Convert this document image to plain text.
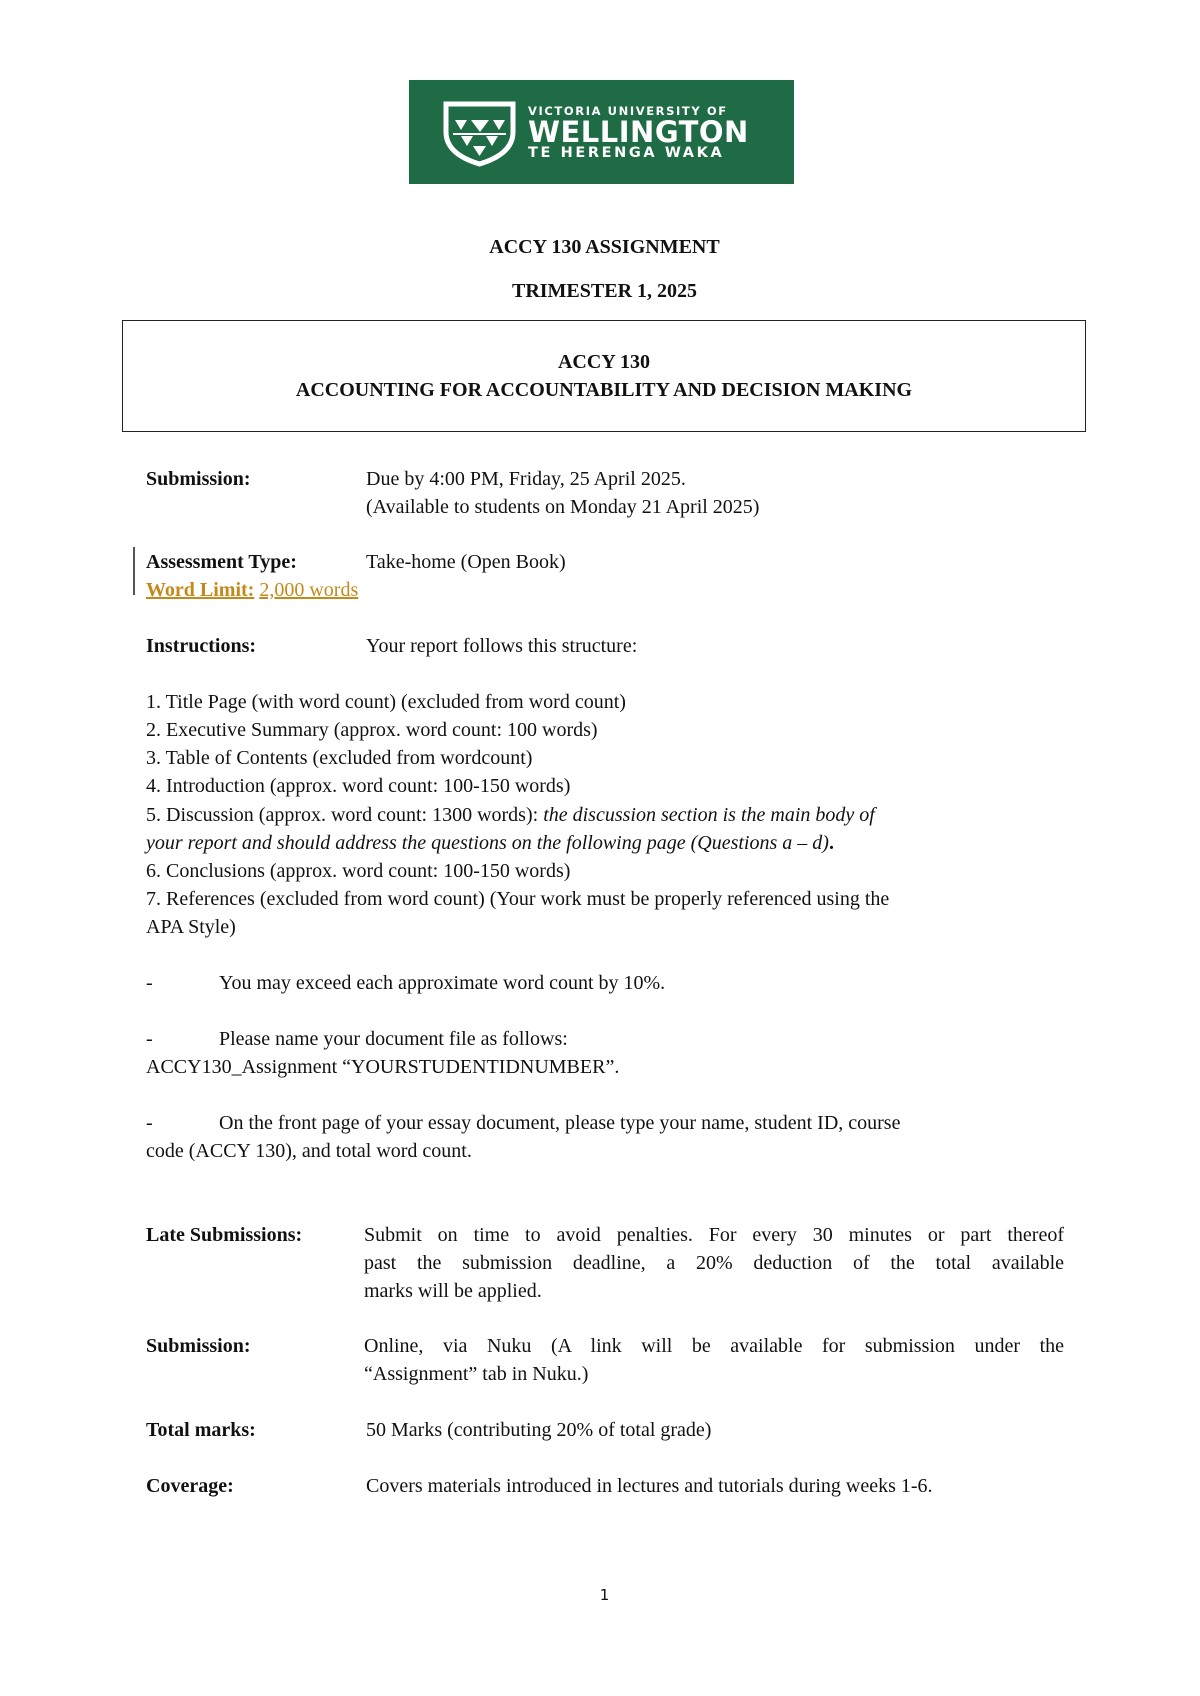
VICTORIA UNIVERSITY OF
WELLINGTON
TE HERENGA WAKA
ACCY 130 ASSIGNMENT
TRIMESTER 1, 2025
ACCY 130
ACCOUNTING FOR ACCOUNTABILITY AND DECISION MAKING
Submission:	Due by 4:00 PM, Friday, 25 April 2025.
(Available to students on Monday 21 April 2025)
Assessment Type:	Take-home (Open Book)
Word Limit: 2,000 words
Instructions:	Your report follows this structure:
1. Title Page (with word count) (excluded from word count)
2. Executive Summary (approx. word count: 100 words)
3. Table of Contents (excluded from wordcount)
4. Introduction (approx. word count: 100-150 words)
5. Discussion (approx. word count: 1300 words): the discussion section is the main body of
your report and should address the questions on the following page (Questions a – d).
6. Conclusions (approx. word count: 100-150 words)
7. References (excluded from word count) (Your work must be properly referenced using the
APA Style)
-	You may exceed each approximate word count by 10%.
-	Please name your document file as follows:
ACCY130_Assignment “YOURSTUDENTIDNUMBER”.
-	On the front page of your essay document, please type your name, student ID, course
code (ACCY 130), and total word count.
Late Submissions:	Submit on time to avoid penalties. For every 30 minutes or part thereof
past the submission deadline, a 20% deduction of the total available
marks will be applied.
Submission:	Online, via Nuku (A link will be available for submission under the
“Assignment” tab in Nuku.)
Total marks:	50 Marks (contributing 20% of total grade)
Coverage:	Covers materials introduced in lectures and tutorials during weeks 1-6.
1
